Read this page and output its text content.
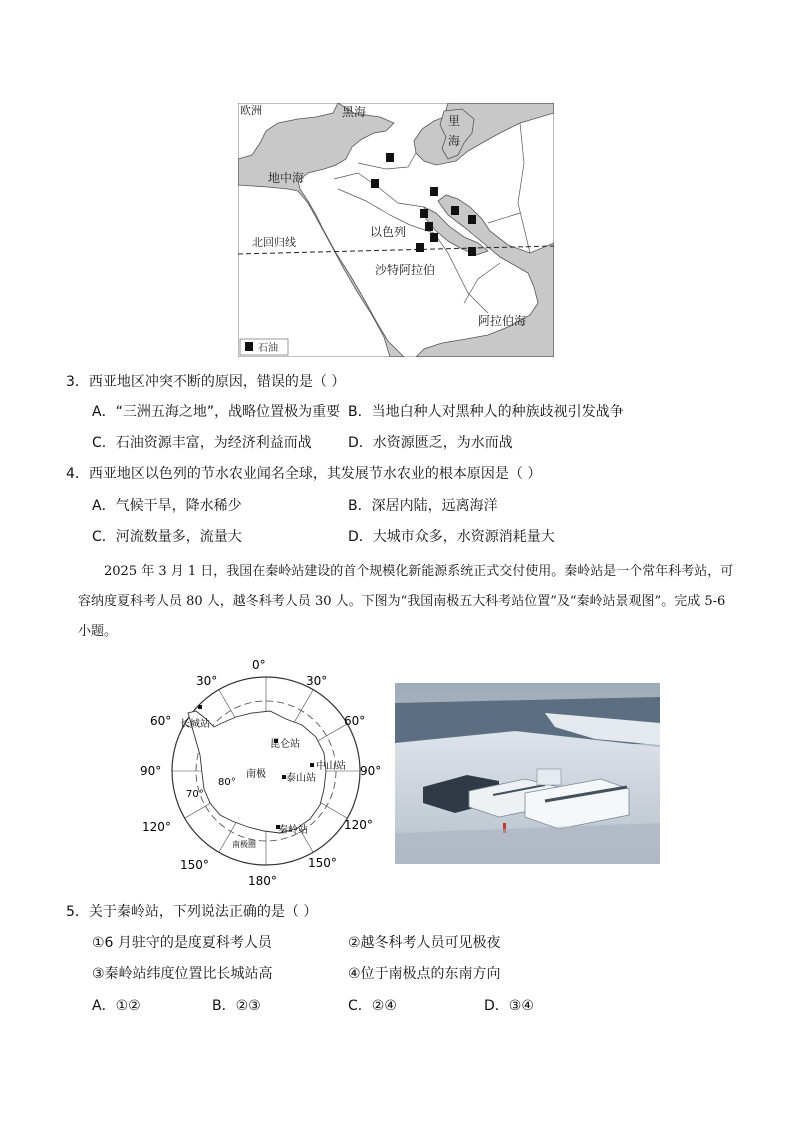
欧洲	黑海
里
海
地中海
以色列
北回归线
沙特阿拉伯
阿拉伯海
石油
3．西亚地区冲突不断的原因，错误的是（ ）
A．“三洲五海之地”，战略位置极为重要 B．当地白种人对黑种人的种族歧视引发战争
C．石油资源丰富，为经济利益而战	D．水资源匮乏，为水而战
4．西亚地区以色列的节水农业闻名全球，其发展节水农业的根本原因是（ ）
A．气候干旱，降水稀少	B．深居内陆，远离海洋
C．河流数量多，流量大	D．大城市众多，水资源消耗量大
2025 年 3 月 1 日，我国在秦岭站建设的首个规模化新能源系统正式交付使用。秦岭站是一个常年科考站，可容纳度夏科考人员 80 人，越冬科考人员 30 人。下图为“我国南极五大科考站位置”及“秦岭站景观图”。完成 5-6 小题。
0°
30°	30°
60°	60°
90°	90°
120°	120°
150°	150°
180°
80°
70°
长城站
昆仑站
中山站
泰山站
秦岭站
南极
南极圈
5．关于秦岭站，下列说法正确的是（ ）
①6 月驻守的是度夏科考人员	②越冬科考人员可见极夜
③秦岭站纬度位置比长城站高	④位于南极点的东南方向
A．①②	B．②③	C．②④	D．③④
